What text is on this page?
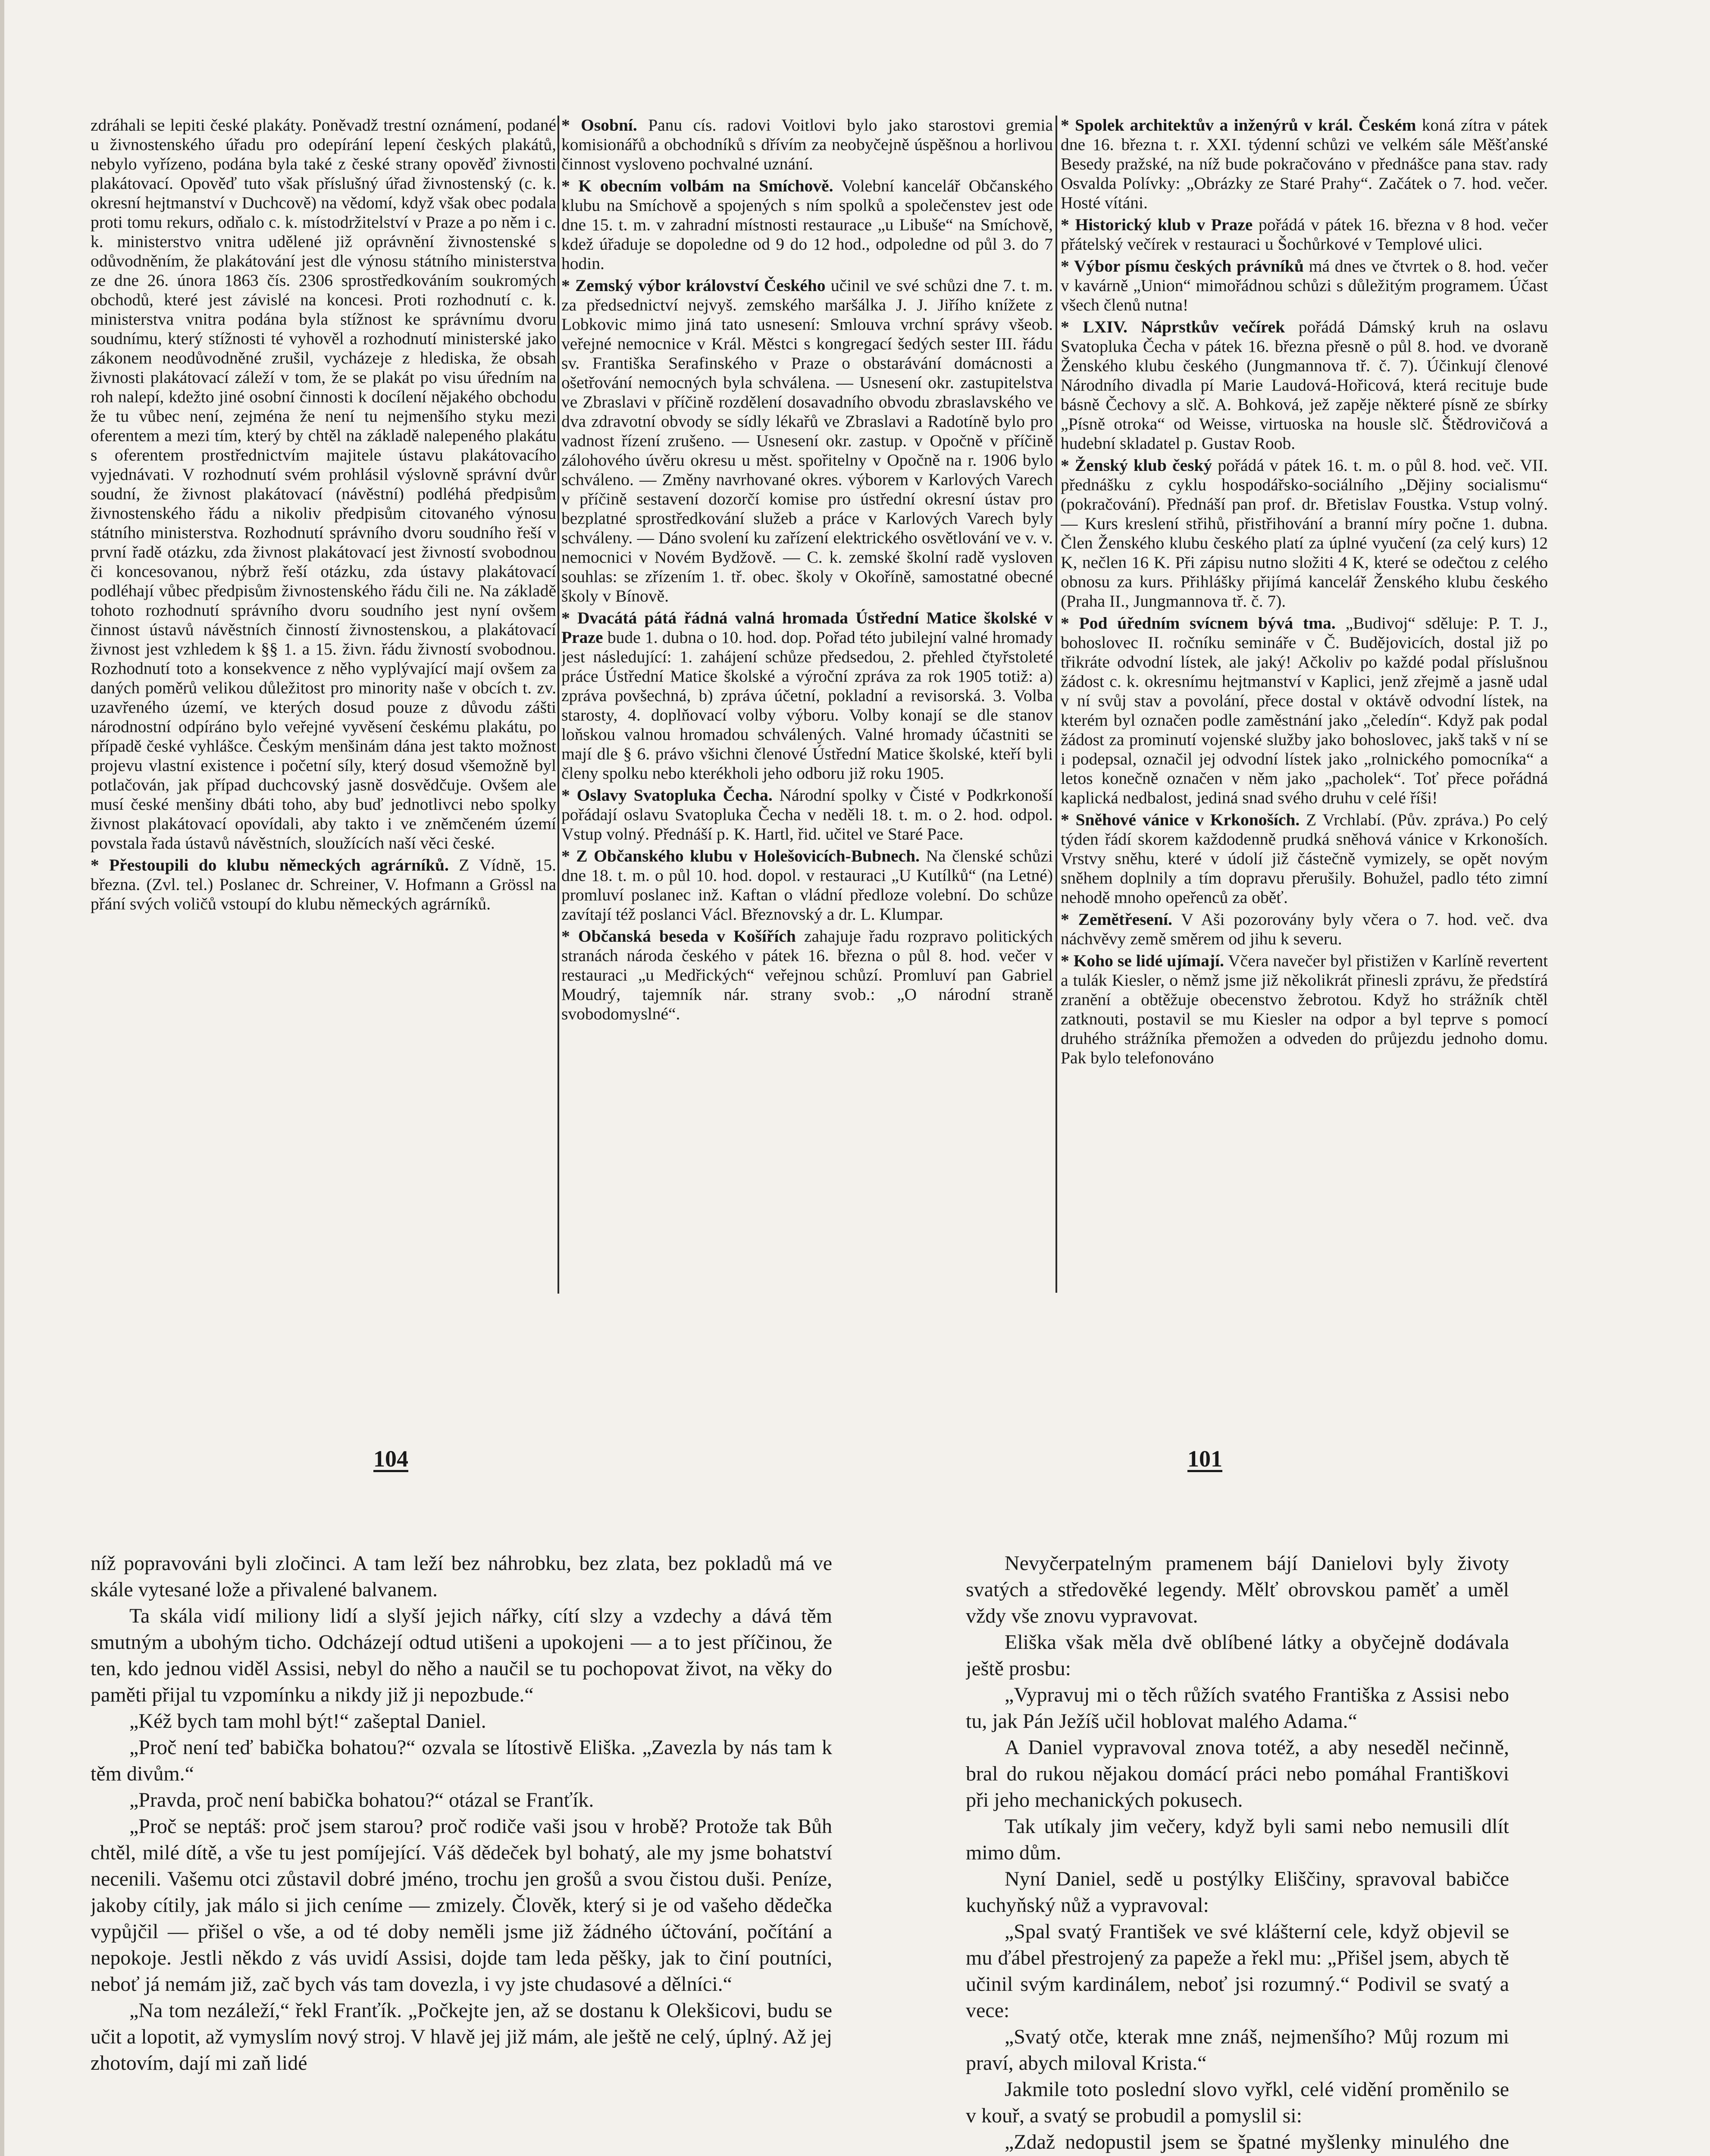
zdráhali se lepiti české plakáty. Poněvadž trestní oznámení, podané u živnostenského úřadu pro odepírání lepení českých plakátů, nebylo vyřízeno, podána byla také z české strany opověď živnosti plakátovací. Opověď tuto však příslušný úřad živnostenský (c. k. okresní hejtmanství v Duchcově) na vědomí, když však obec podala proti tomu rekurs, odňalo c. k. místodržitelství v Praze a po něm i c. k. ministerstvo vnitra udělené již oprávnění živnostenské s odůvodněním, že plakátování jest dle výnosu státního ministerstva ze dne 26. února 1863 čís. 2306 sprostředkováním soukromých obchodů, které jest závislé na koncesi. Proti rozhodnutí c. k. ministerstva vnitra podána byla stížnost ke správnímu dvoru soudnímu, který stížnosti té vyhověl a rozhodnutí ministerské jako zákonem neodůvodněné zrušil, vycházeje z hlediska, že obsah živnosti plakátovací záleží v tom, že se plakát po visu úředním na roh nalepí, kdežto jiné osobní činnosti k docílení nějakého obchodu že tu vůbec není, zejména že není tu nejmenšího styku mezi oferentem a mezi tím, který by chtěl na základě nalepeného plakátu s oferentem prostřednictvím majitele ústavu plakátovacího vyjednávati. V rozhodnutí svém prohlásil výslovně správní dvůr soudní, že živnost plakátovací (návěstní) podléhá předpisům živnostenského řádu a nikoliv předpisům citovaného výnosu státního ministerstva. Rozhodnutí správního dvoru soudního řeší v první řadě otázku, zda živnost plakátovací jest živností svobodnou či koncesovanou, nýbrž řeší otázku, zda ústavy plakátovací podléhají vůbec předpisům živnostenského řádu čili ne. Na základě tohoto rozhodnutí správního dvoru soudního jest nyní ovšem činnost ústavů návěstních činností živnostenskou, a plakátovací živnost jest vzhledem k §§ 1. a 15. živn. řádu živností svobodnou. Rozhodnutí toto a konsekvence z něho vyplývající mají ovšem za daných poměrů velikou důležitost pro minority naše v obcích t. zv. uzavřeného území, ve kterých dosud pouze z důvodu zášti národnostní odpíráno bylo veřejné vyvěsení českému plakátu, po případě české vyhlášce. Českým menšinám dána jest takto možnost projevu vlastní existence i početní síly, který dosud všemožně byl potlačován, jak případ duchcovský jasně dosvědčuje. Ovšem ale musí české menšiny dbáti toho, aby buď jednotlivci nebo spolky živnost plakátovací opovídali, aby takto i ve zněmčeném území povstala řada ústavů návěstních, sloužících naší věci české.

* Přestoupili do klubu německých agrárníků. Z Vídně, 15. března. (Zvl. tel.) Poslanec dr. Schreiner, V. Hofmann a Grössl na přání svých voličů vstoupí do klubu německých agrárníků.

* Osobní. Panu cís. radovi Voitlovi bylo jako starostovi gremia komisionářů a obchodníků s dřívím za neobyčejně úspěšnou a horlivou činnost vysloveno pochvalné uznání.

* K obecním volbám na Smíchově. Volební kancelář Občanského klubu na Smíchově a spojených s ním spolků a společenstev jest ode dne 15. t. m. v zahradní místnosti restaurace „u Libuše“ na Smíchově, kdež úřaduje se dopoledne od 9 do 12 hod., odpoledne od půl 3. do 7 hodin.

* Zemský výbor království Českého učinil ve své schůzi dne 7. t. m. za předsednictví nejvyš. zemského maršálka J. J. Jiřího knížete z Lobkovic mimo jiná tato usnesení: Smlouva vrchní správy všeob. veřejné nemocnice v Král. Městci s kongregací šedých sester III. řádu sv. Františka Serafinského v Praze o obstarávání domácnosti a ošetřování nemocných byla schválena. — Usnesení okr. zastupitelstva ve Zbraslavi v příčině rozdělení dosavadního obvodu zbraslavského ve dva zdravotní obvody se sídly lékařů ve Zbraslavi a Radotíně bylo pro vadnost řízení zrušeno. — Usnesení okr. zastup. v Opočně v příčině zálohového úvěru okresu u měst. spořitelny v Opočně na r. 1906 bylo schváleno. — Změny navrhované okres. výborem v Karlových Varech v příčině sestavení dozorčí komise pro ústřední okresní ústav pro bezplatné sprostředkování služeb a práce v Karlových Varech byly schváleny. — Dáno svolení ku zařízení elektrického osvětlování ve v. v. nemocnici v Novém Bydžově. — C. k. zemské školní radě vysloven souhlas: se zřízením 1. tř. obec. školy v Okoříně, samostatné obecné školy v Bínově.

* Dvacátá pátá řádná valná hromada Ústřední Matice školské v Praze bude 1. dubna o 10. hod. dop. Pořad této jubilejní valné hromady jest následující: 1. zahájení schůze předsedou, 2. přehled čtyřstoleté práce Ústřední Matice školské a výroční zpráva za rok 1905 totiž: a) zpráva povšechná, b) zpráva účetní, pokladní a revisorská. 3. Volba starosty, 4. doplňovací volby výboru. Volby konají se dle stanov loňskou valnou hromadou schválených. Valné hromady účastniti se mají dle § 6. právo všichni členové Ústřední Matice školské, kteří byli členy spolku nebo kterékholi jeho odboru již roku 1905.

* Oslavy Svatopluka Čecha. Národní spolky v Čisté v Podkrkonoší pořádají oslavu Svatopluka Čecha v neděli 18. t. m. o 2. hod. odpol. Vstup volný. Přednáší p. K. Hartl, řid. učitel ve Staré Pace.

* Z Občanského klubu v Holešovicích-Bubnech. Na členské schůzi dne 18. t. m. o půl 10. hod. dopol. v restauraci „U Kutílků“ (na Letné) promluví poslanec inž. Kaftan o vládní předloze volební. Do schůze zavítají též poslanci Václ. Březnovský a dr. L. Klumpar.

* Občanská beseda v Košířích zahajuje řadu rozpravo politických stranách národa českého v pátek 16. března o půl 8. hod. večer v restauraci „u Medřických“ veřejnou schůzí. Promluví pan Gabriel Moudrý, tajemník nár. strany svob.: „O národní straně svobodomyslné“.

* Spolek architektův a inženýrů v král. Českém koná zítra v pátek dne 16. března t. r. XXI. týdenní schůzi ve velkém sále Měšťanské Besedy pražské, na níž bude pokračováno v přednášce pana stav. rady Osvalda Polívky: „Obrázky ze Staré Prahy“. Začátek o 7. hod. večer. Hosté vítáni.

* Historický klub v Praze pořádá v pátek 16. března v 8 hod. večer přátelský večírek v restauraci u Šochůrkové v Templové ulici.

* Výbor písmu českých právníků má dnes ve čtvrtek o 8. hod. večer v kavárně „Union“ mimořádnou schůzi s důležitým programem. Účast všech členů nutna!

* LXIV. Náprstkův večírek pořádá Dámský kruh na oslavu Svatopluka Čecha v pátek 16. března přesně o půl 8. hod. ve dvoraně Ženského klubu českého (Jungmannova tř. č. 7). Účinkují členové Národního divadla pí Marie Laudová-Hořicová, která recituje bude básně Čechovy a slč. A. Bohková, jež zapěje některé písně ze sbírky „Písně otroka“ od Weisse, virtuoska na housle slč. Štědrovičová a hudební skladatel p. Gustav Roob.

* Ženský klub český pořádá v pátek 16. t. m. o půl 8. hod. več. VII. přednášku z cyklu hospodářsko-sociálního „Dějiny socialismu“ (pokračování). Přednáší pan prof. dr. Břetislav Foustka. Vstup volný. — Kurs kreslení střihů, přistřihování a branní míry počne 1. dubna. Člen Ženského klubu českého platí za úplné vyučení (za celý kurs) 12 K, nečlen 16 K. Při zápisu nutno složiti 4 K, které se odečtou z celého obnosu za kurs. Přihlášky přijímá kancelář Ženského klubu českého (Praha II., Jungmannova tř. č. 7).

* Pod úředním svícnem bývá tma. „Budivoj“ sděluje: P. T. J., bohoslovec II. ročníku semináře v Č. Budějovicích, dostal již po třikráte odvodní lístek, ale jaký! Ačkoliv po každé podal příslušnou žádost c. k. okresnímu hejtmanství v Kaplici, jenž zřejmě a jasně udal v ní svůj stav a povolání, přece dostal v oktávě odvodní lístek, na kterém byl označen podle zaměstnání jako „čeledín“. Když pak podal žádost za prominutí vojenské služby jako bohoslovec, jakš takš v ní se i podepsal, označil jej odvodní lístek jako „rolnického pomocníka“ a letos konečně označen v něm jako „pacholek“. Toť přece pořádná kaplická nedbalost, jediná snad svého druhu v celé říši!

* Sněhové vánice v Krkonoších. Z Vrchlabí. (Pův. zpráva.) Po celý týden řádí skorem každodenně prudká sněhová vánice v Krkonoších. Vrstvy sněhu, které v údolí již částečně vymizely, se opět novým sněhem doplnily a tím dopravu přerušily. Bohužel, padlo této zimní nehodě mnoho opeřenců za oběť.

* Zemětřesení. V Aši pozorovány byly včera o 7. hod. več. dva náchvěvy země směrem od jihu k severu.

* Koho se lidé ujímají. Včera navečer byl přistižen v Karlíně revertent a tulák Kiesler, o němž jsme již několikrát přinesli zprávu, že předstírá zranění a obtěžuje obecenstvo žebrotou. Když ho strážník chtěl zatknouti, postavil se mu Kiesler na odpor a byl teprve s pomocí druhého strážníka přemožen a odveden do průjezdu jednoho domu. Pak bylo telefonováno

104	101

níž popravováni byli zločinci. A tam leží bez náhrobku, bez zlata, bez pokladů má ve skále vytesané lože a přivalené balvanem.

Ta skála vidí miliony lidí a slyší jejich nářky, cítí slzy a vzdechy a dává těm smutným a ubohým ticho. Odcházejí odtud utišeni a upokojeni — a to jest příčinou, že ten, kdo jednou viděl Assisi, nebyl do něho a naučil se tu pochopovat život, na věky do paměti přijal tu vzpomínku a nikdy již ji nepozbude.“

„Kéž bych tam mohl být!“ zašeptal Daniel.

„Proč není teď babička bohatou?“ ozvala se lítostivě Eliška. „Zavezla by nás tam k těm divům.“

„Pravda, proč není babička bohatou?“ otázal se Franťík.

„Proč se neptáš: proč jsem starou? proč rodiče vaši jsou v hrobě? Protože tak Bůh chtěl, milé dítě, a vše tu jest pomíjející. Váš dědeček byl bohatý, ale my jsme bohatství necenili. Vašemu otci zůstavil dobré jméno, trochu jen grošů a svou čistou duši. Peníze, jakoby cítily, jak málo si jich ceníme — zmizely. Člověk, který si je od vašeho dědečka vypůjčil — přišel o vše, a od té doby neměli jsme již žádného účtování, počítání a nepokoje. Jestli někdo z vás uvidí Assisi, dojde tam leda pěšky, jak to činí poutníci, neboť já nemám již, zač bych vás tam dovezla, i vy jste chudasové a dělníci.“

„Na tom nezáleží,“ řekl Franťík. „Počkejte jen, až se dostanu k Olekšicovi, budu se učit a lopotit, až vymyslím nový stroj. V hlavě jej již mám, ale ještě ne celý, úplný. Až jej zhotovím, dají mi zaň lidé

Nevyčerpatelným pramenem bájí Danielovi byly životy svatých a středověké legendy. Mělť obrovskou paměť a uměl vždy vše znovu vypravovat.

Eliška však měla dvě oblíbené látky a obyčejně dodávala ještě prosbu:

„Vypravuj mi o těch růžích svatého Františka z Assisi nebo tu, jak Pán Ježíš učil hoblovat malého Adama.“

A Daniel vypravoval znova totéž, a aby neseděl nečinně, bral do rukou nějakou domácí práci nebo pomáhal Františkovi při jeho mechanických pokusech.

Tak utíkaly jim večery, když byli sami nebo nemusili dlít mimo dům.

Nyní Daniel, sedě u postýlky Eliščiny, spravoval babičce kuchyňský nůž a vypravoval:

„Spal svatý František ve své klášterní cele, když objevil se mu ďábel přestrojený za papeže a řekl mu: „Přišel jsem, abych tě učinil svým kardinálem, neboť jsi rozumný.“ Podivil se svatý a vece:

„Svatý otče, kterak mne znáš, nejmenšího? Můj rozum mi praví, abych miloval Krista.“

Jakmile toto poslední slovo vyřkl, celé vidění proměnilo se v kouř, a svatý se probudil a pomyslil si:

„Zdaž nedopustil jsem se špatné myšlenky minulého dne
